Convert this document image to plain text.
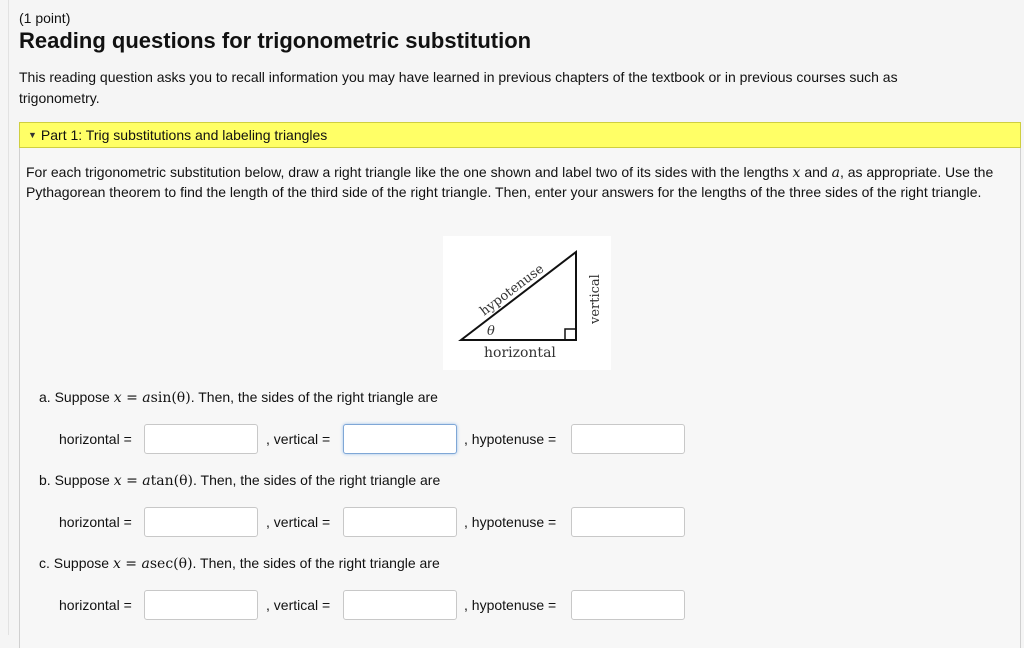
(1 point)
Reading questions for trigonometric substitution
This reading question asks you to recall information you may have learned in previous chapters of the textbook or in previous courses such as trigonometry.
▼ Part 1: Trig substitutions and labeling triangles
For each trigonometric substitution below, draw a right triangle like the one shown and label two of its sides with the lengths x and a, as appropriate. Use the Pythagorean theorem to find the length of the third side of the right triangle. Then, enter your answers for the lengths of the three sides of the right triangle.
hypotenuse	vertical
horizontal
θ
a. Suppose x = asin(θ). Then, the sides of the right triangle are
horizontal =	, vertical =	, hypotenuse =
b. Suppose x = atan(θ). Then, the sides of the right triangle are
horizontal =	, vertical =	, hypotenuse =
c. Suppose x = asec(θ). Then, the sides of the right triangle are
horizontal =	, vertical =	, hypotenuse =
